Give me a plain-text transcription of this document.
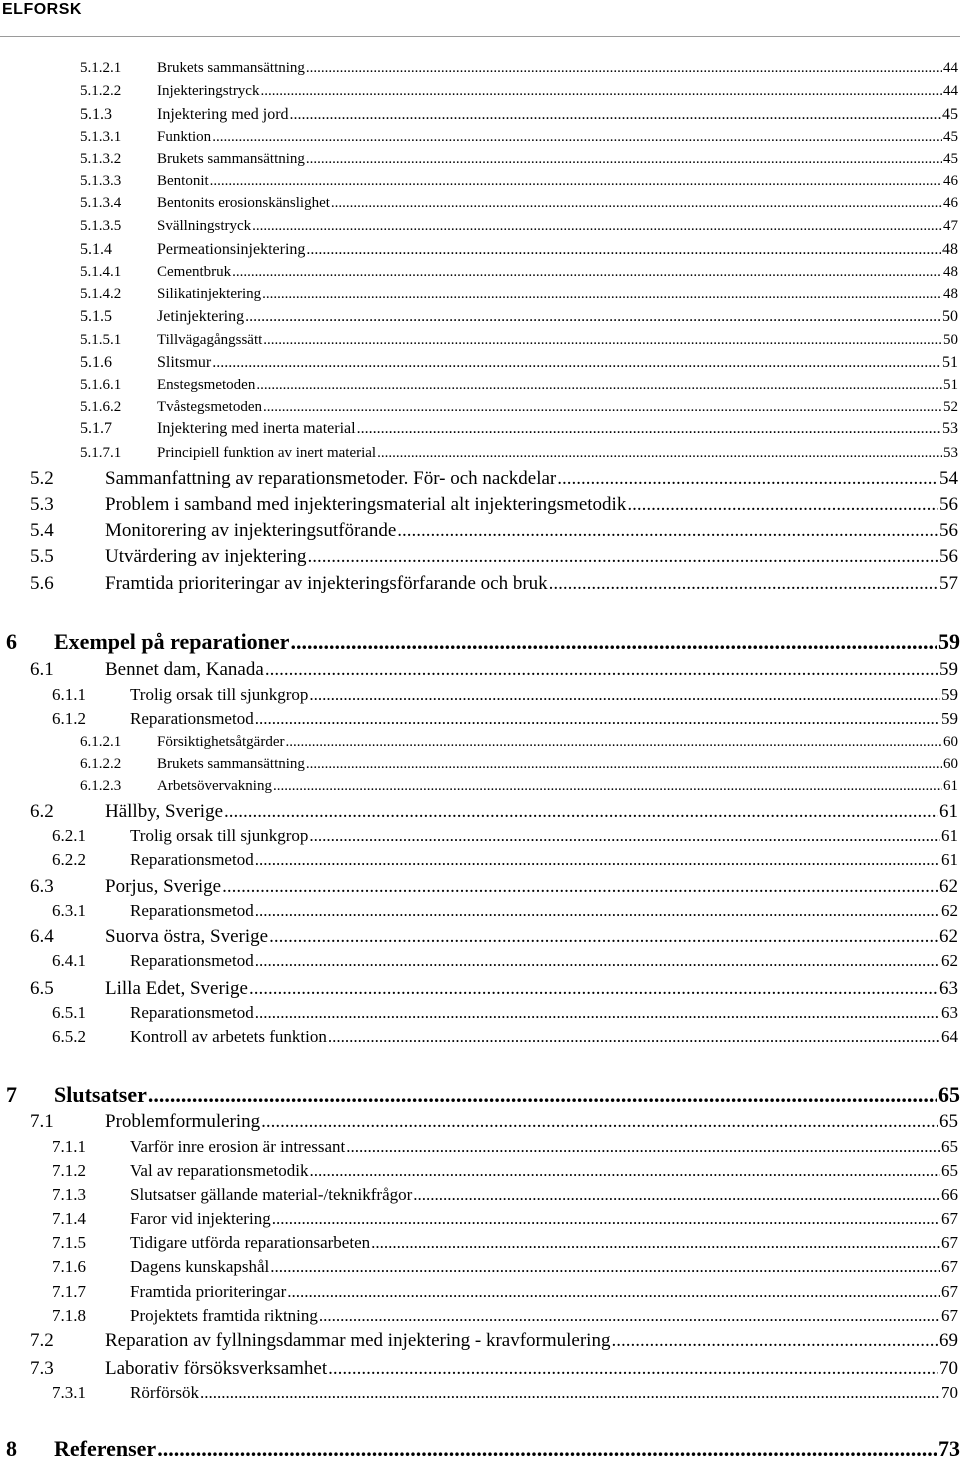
ELFORSK
5.1.2.1	Brukets sammansättning .....	44
5.1.2.2	Injekteringstryck .....	44
5.1.3	Injektering med jord .....	45
5.1.3.1	Funktion .....	45
5.1.3.2	Brukets sammansättning .....	45
5.1.3.3	Bentonit .....	46
5.1.3.4	Bentonits erosionskänslighet .....	46
5.1.3.5	Svällningstryck .....	47
5.1.4	Permeationsinjektering .....	48
5.1.4.1	Cementbruk .....	48
5.1.4.2	Silikatinjektering .....	48
5.1.5	Jetinjektering .....	50
5.1.5.1	Tillvägagångssätt .....	50
5.1.6	Slitsmur .....	51
5.1.6.1	Enstegsmetoden .....	51
5.1.6.2	Tvåstegsmetoden .....	52
5.1.7	Injektering med inerta material .....	53
5.1.7.1	Principiell funktion av inert material .....	53
5.2	Sammanfattning av reparationsmetoder. För- och nackdelar .....	54
5.3	Problem i samband med injekteringsmaterial alt injekteringsmetodik .....	56
5.4	Monitorering av injekteringsutförande .....	56
5.5	Utvärdering av injektering .....	56
5.6	Framtida prioriteringar av injekteringsförfarande och bruk .....	57
6	Exempel på reparationer .....	59
6.1	Bennet dam, Kanada .....	59
6.1.1	Trolig orsak till sjunkgrop .....	59
6.1.2	Reparationsmetod .....	59
6.1.2.1	Försiktighetsåtgärder .....	60
6.1.2.2	Brukets sammansättning .....	60
6.1.2.3	Arbetsövervakning .....	61
6.2	Hällby, Sverige .....	61
6.2.1	Trolig orsak till sjunkgrop .....	61
6.2.2	Reparationsmetod .....	61
6.3	Porjus, Sverige .....	62
6.3.1	Reparationsmetod .....	62
6.4	Suorva östra, Sverige .....	62
6.4.1	Reparationsmetod .....	62
6.5	Lilla Edet, Sverige .....	63
6.5.1	Reparationsmetod .....	63
6.5.2	Kontroll av arbetets funktion .....	64
7	Slutsatser .....	65
7.1	Problemformulering .....	65
7.1.1	Varför inre erosion är intressant .....	65
7.1.2	Val av reparationsmetodik .....	65
7.1.3	Slutsatser gällande material-/teknikfrågor .....	66
7.1.4	Faror vid injektering .....	67
7.1.5	Tidigare utförda reparationsarbeten .....	67
7.1.6	Dagens kunskapshål .....	67
7.1.7	Framtida prioriteringar .....	67
7.1.8	Projektets framtida riktning .....	67
7.2	Reparation av fyllningsdammar med injektering - kravformulering .....	69
7.3	Laborativ försöksverksamhet .....	70
7.3.1	Rörförsök .....	70
8	Referenser .....	73
